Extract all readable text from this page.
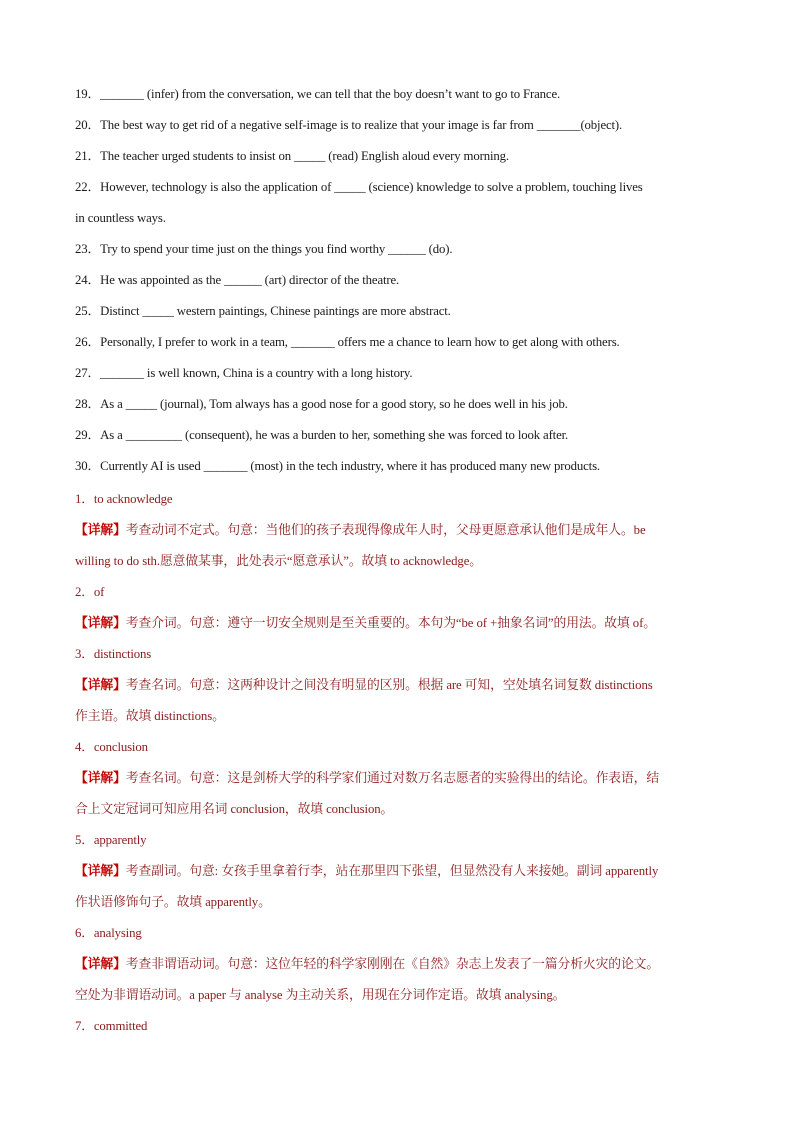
19．_______ (infer) from the conversation, we can tell that the boy doesn’t want to go to France.
20．The best way to get rid of a negative self-image is to realize that your image is far from _______(object).
21．The teacher urged students to insist on _____ (read) English aloud every morning.
22．However, technology is also the application of _____ (science) knowledge to solve a problem, touching lives
in countless ways.
23．Try to spend your time just on the things you find worthy ______ (do).
24．He was appointed as the ______ (art) director of the theatre.
25．Distinct _____ western paintings, Chinese paintings are more abstract.
26．Personally, I prefer to work in a team, _______ offers me a chance to learn how to get along with others.
27．_______ is well known, China is a country with a long history.
28．As a _____ (journal), Tom always has a good nose for a good story, so he does well in his job.
29．As a _________ (consequent), he was a burden to her, something she was forced to look after.
30．Currently AI is used _______ (most) in the tech industry, where it has produced many new products.
1．to acknowledge
【详解】考查动词不定式。句意：当他们的孩子表现得像成年人时，父母更愿意承认他们是成年人。be
willing to do sth.愿意做某事，此处表示“愿意承认”。故填 to acknowledge。
2．of
【详解】考查介词。句意：遵守一切安全规则是至关重要的。本句为“be of +抽象名词”的用法。故填 of。
3．distinctions
【详解】考查名词。句意：这两种设计之间没有明显的区别。根据 are 可知，空处填名词复数 distinctions
作主语。故填 distinctions。
4．conclusion
【详解】考查名词。句意：这是剑桥大学的科学家们通过对数万名志愿者的实验得出的结论。作表语，结
合上文定冠词可知应用名词 conclusion，故填 conclusion。
5．apparently
【详解】考查副词。句意: 女孩手里拿着行李，站在那里四下张望，但显然没有人来接她。副词 apparently
作状语修饰句子。故填 apparently。
6．analysing
【详解】考查非谓语动词。句意：这位年轻的科学家刚刚在《自然》杂志上发表了一篇分析火灾的论文。
空处为非谓语动词。a paper 与 analyse 为主动关系，用现在分词作定语。故填 analysing。
7．committed
